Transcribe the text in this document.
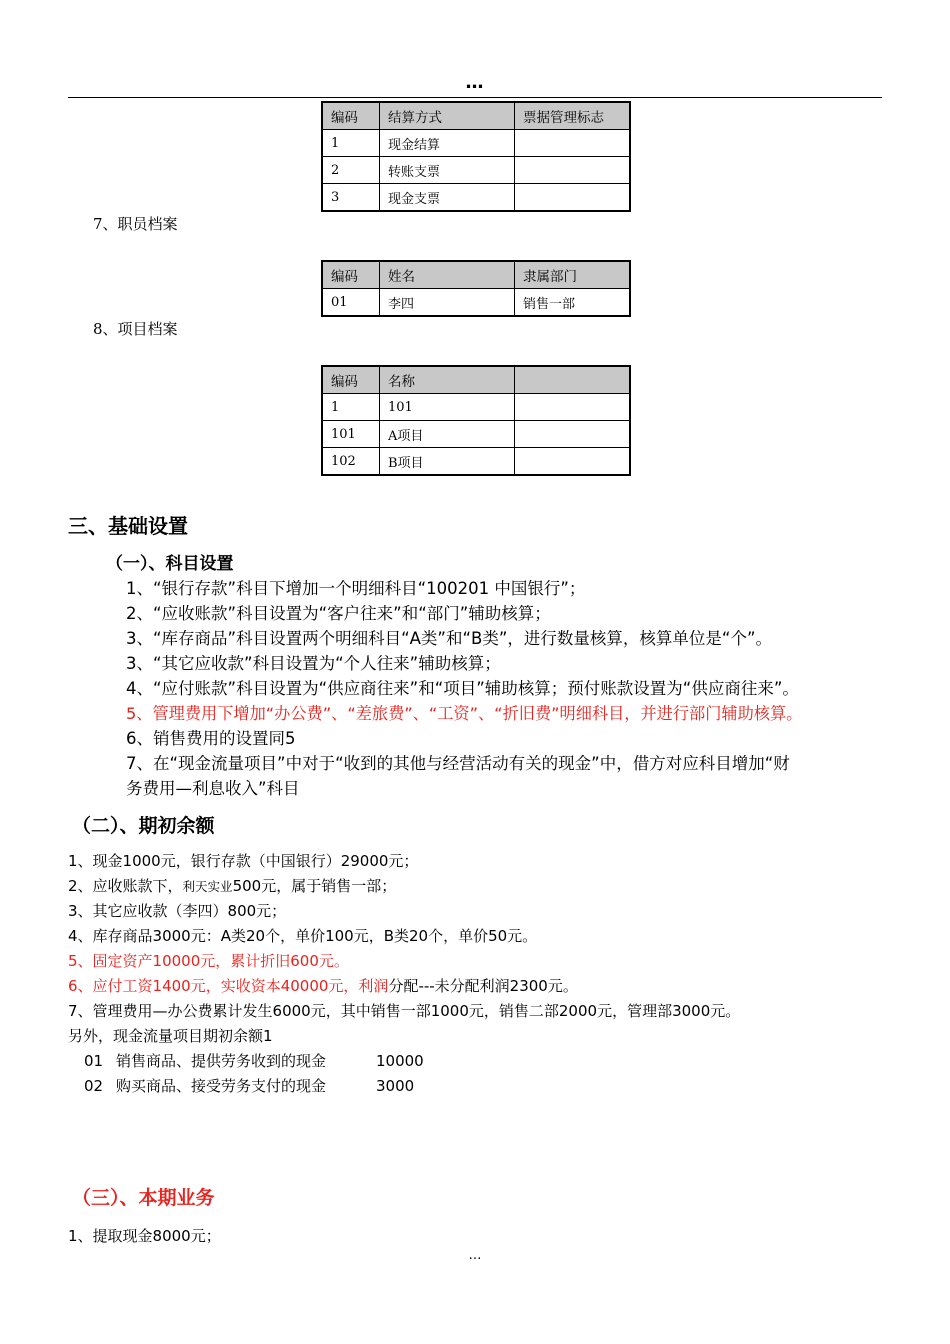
…
编码	结算方式	票据管理标志
1	现金结算	
2	转账支票	
3	现金支票	
7、职员档案
编码	姓名	隶属部门
01	李四	销售一部
8、项目档案
编码	名称	
1	101	
101	A项目	
102	B项目	
三、基础设置
（一）、科目设置
1、“银行存款”科目下增加一个明细科目“100201 中国银行”；
2、“应收账款”科目设置为“客户往来”和“部门”辅助核算；
3、“库存商品”科目设置两个明细科目“A类”和“B类”，进行数量核算，核算单位是“个”。
3、“其它应收款”科目设置为“个人往来”辅助核算；
4、“应付账款”科目设置为“供应商往来”和“项目”辅助核算；预付账款设置为“供应商往来”。
5、管理费用下增加“办公费”、“差旅费”、“工资”、“折旧费”明细科目，并进行部门辅助核算。
6、销售费用的设置同5
7、在“现金流量项目”中对于“收到的其他与经营活动有关的现金”中，借方对应科目增加“财
务费用—利息收入”科目
（二）、期初余额
1、现金1000元，银行存款（中国银行）29000元；
2、应收账款下，利天实业500元，属于销售一部；
3、其它应收款（李四）800元；
4、库存商品3000元：A类20个，单价100元，B类20个，单价50元。
5、固定资产10000元，累计折旧600元。
6、应付工资1400元，实收资本40000元，利润分配---未分配利润2300元。
7、管理费用—办公费累计发生6000元，其中销售一部1000元，销售二部2000元，管理部3000元。
另外，现金流量项目期初余额1
01 销售商品、提供劳务收到的现金	10000
02 购买商品、接受劳务支付的现金	3000
（三）、本期业务
1、提取现金8000元；
…
